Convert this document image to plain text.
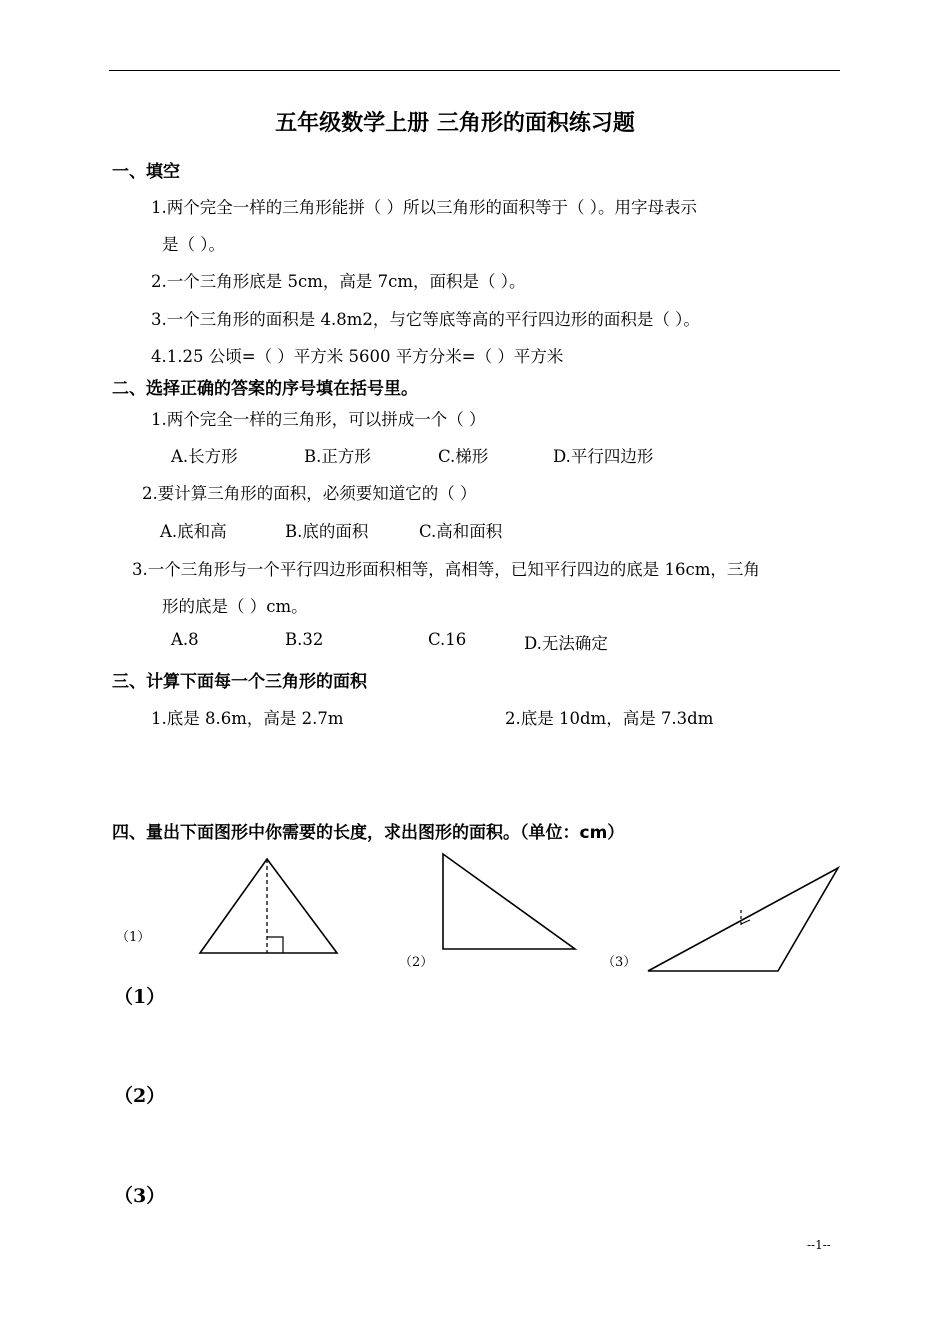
五年级数学上册 三角形的面积练习题
一、填空
1.两个完全一样的三角形能拼（ ）所以三角形的面积等于（ ）。用字母表示
是（ ）。
2.一个三角形底是 5cm，高是 7cm，面积是（ ）。
3.一个三角形的面积是 4.8m2，与它等底等高的平行四边形的面积是（ ）。
4.1.25 公顷=（ ）平方米 5600 平方分米=（ ）平方米
二、选择正确的答案的序号填在括号里。
1.两个完全一样的三角形，可以拼成一个（ ）
A.长方形	B.正方形	C.梯形	D.平行四边形
2.要计算三角形的面积，必须要知道它的（ ）
A.底和高	B.底的面积	C.高和面积
3.一个三角形与一个平行四边形面积相等，高相等，已知平行四边的底是 16cm，三角
形的底是（ ）cm。
A.8	B.32	C.16	D.无法确定
三、计算下面每一个三角形的面积
1.底是 8.6m，高是 2.7m	2.底是 10dm，高是 7.3dm
四、量出下面图形中你需要的长度，求出图形的面积。（单位：cm）
（1）
（2）	（3）
（1）
（2）
（3）
--1--
